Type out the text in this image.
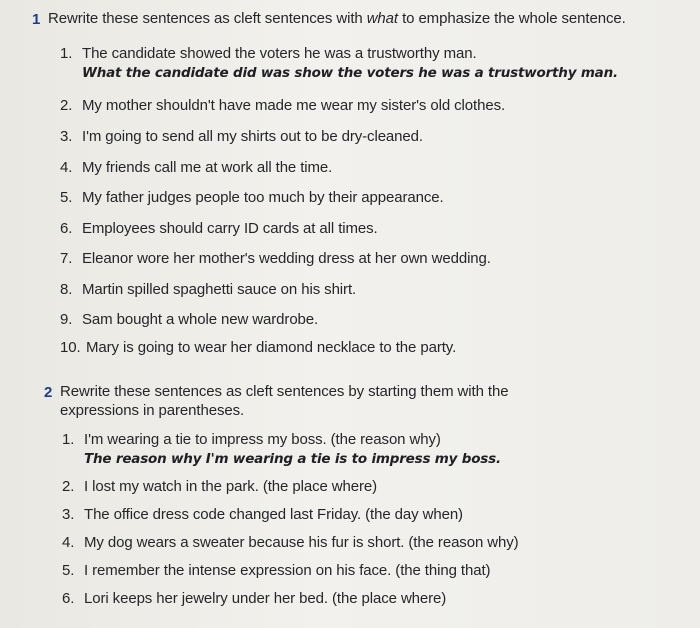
1 Rewrite these sentences as cleft sentences with what to emphasize the whole sentence.
1. The candidate showed the voters he was a trustworthy man.
What the candidate did was show the voters he was a trustworthy man.
2. My mother shouldn't have made me wear my sister's old clothes.
3. I'm going to send all my shirts out to be dry-cleaned.
4. My friends call me at work all the time.
5. My father judges people too much by their appearance.
6. Employees should carry ID cards at all times.
7. Eleanor wore her mother's wedding dress at her own wedding.
8. Martin spilled spaghetti sauce on his shirt.
9. Sam bought a whole new wardrobe.
10. Mary is going to wear her diamond necklace to the party.
2 Rewrite these sentences as cleft sentences by starting them with the
expressions in parentheses.
1. I'm wearing a tie to impress my boss. (the reason why)
The reason why I'm wearing a tie is to impress my boss.
2. I lost my watch in the park. (the place where)
3. The office dress code changed last Friday. (the day when)
4. My dog wears a sweater because his fur is short. (the reason why)
5. I remember the intense expression on his face. (the thing that)
6. Lori keeps her jewelry under her bed. (the place where)
